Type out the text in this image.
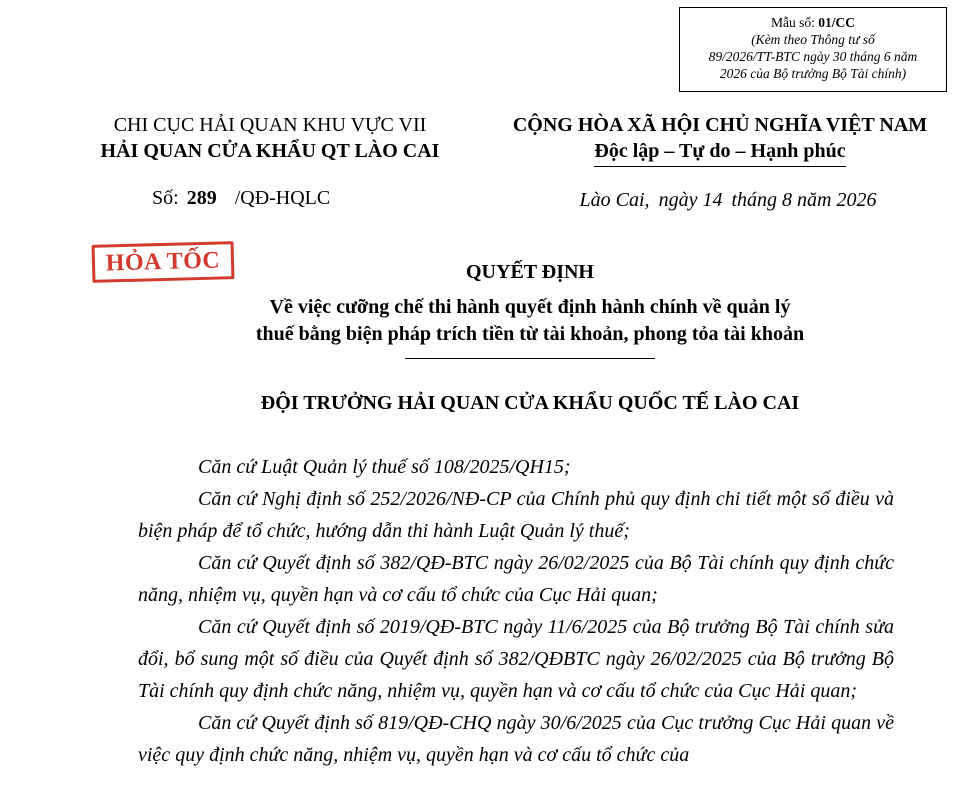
Mẫu số: 01/CC
(Kèm theo Thông tư số
89/2026/TT-BTC ngày 30 tháng 6 năm
2026 của Bộ trưởng Bộ Tài chính)
CHI CỤC HẢI QUAN KHU VỰC VII
HẢI QUAN CỬA KHẨU QT LÀO CAI
CỘNG HÒA XÃ HỘI CHỦ NGHĨA VIỆT NAM
Độc lập – Tự do – Hạnh phúc
Số: 289 /QĐ-HQLC	Lào Cai, ngày 14 tháng 8 năm 2026
HỎA TỐC	QUYẾT ĐỊNH
Về việc cưỡng chế thi hành quyết định hành chính về quản lý
thuế bằng biện pháp trích tiền từ tài khoản, phong tỏa tài khoản
ĐỘI TRƯỞNG HẢI QUAN CỬA KHẨU QUỐC TẾ LÀO CAI

Căn cứ Luật Quản lý thuế số 108/2025/QH15;

Căn cứ Nghị định số 252/2026/NĐ-CP của Chính phủ quy định chi tiết một số điều và biện pháp để tổ chức, hướng dẫn thi hành Luật Quản lý thuế;

Căn cứ Quyết định số 382/QĐ-BTC ngày 26/02/2025 của Bộ Tài chính quy định chức năng, nhiệm vụ, quyền hạn và cơ cấu tổ chức của Cục Hải quan;

Căn cứ Quyết định số 2019/QĐ-BTC ngày 11/6/2025 của Bộ trưởng Bộ Tài chính sửa đổi, bổ sung một số điều của Quyết định số 382/QĐBTC ngày 26/02/2025 của Bộ trưởng Bộ Tài chính quy định chức năng, nhiệm vụ, quyền hạn và cơ cấu tổ chức của Cục Hải quan;

Căn cứ Quyết định số 819/QĐ-CHQ ngày 30/6/2025 của Cục trưởng Cục Hải quan về việc quy định chức năng, nhiệm vụ, quyền hạn và cơ cấu tổ chức của
